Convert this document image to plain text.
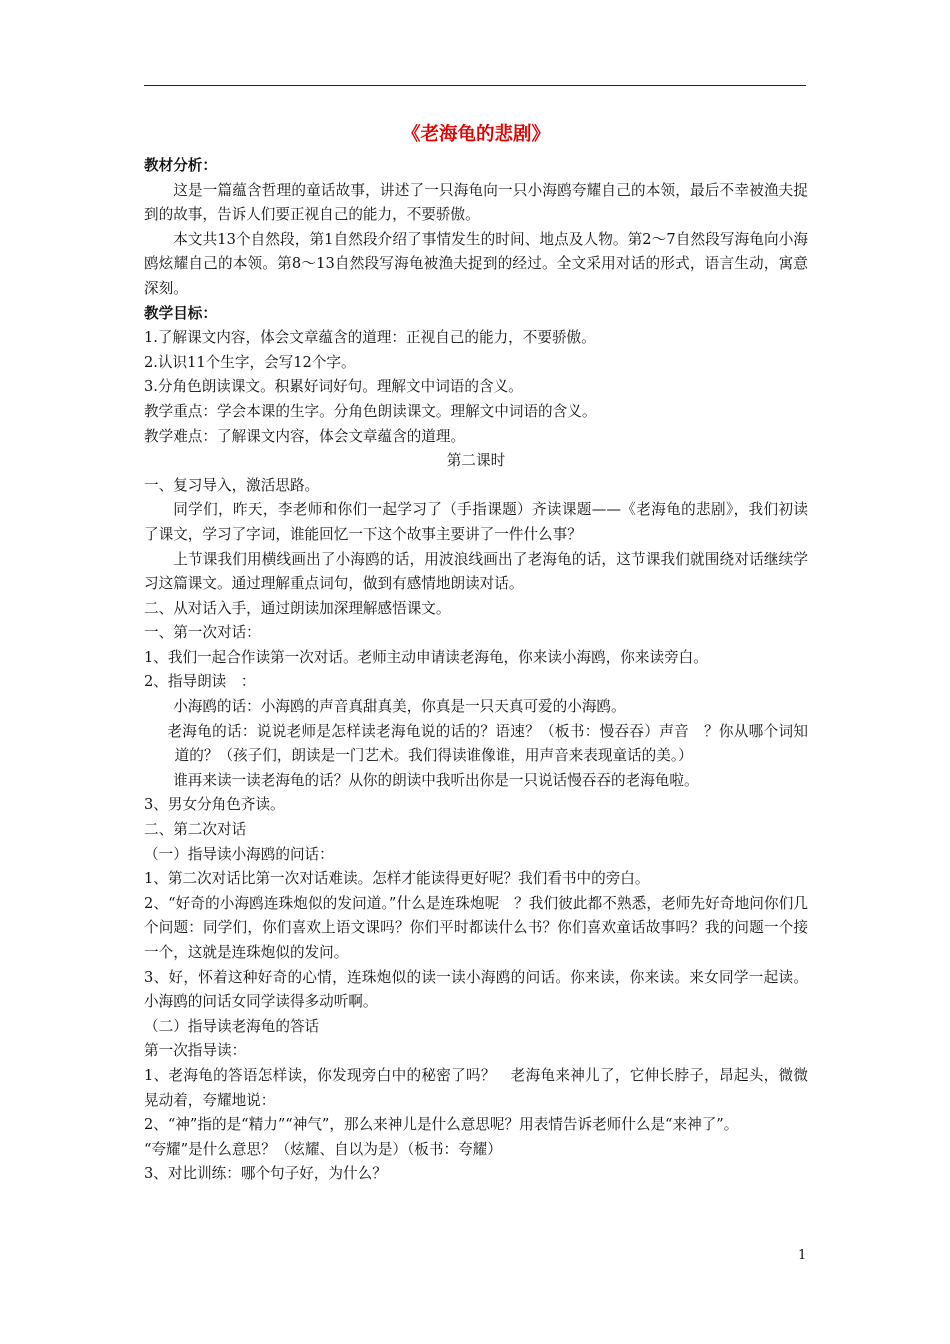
《老海龟的悲剧》
教材分析：
这是一篇蕴含哲理的童话故事，讲述了一只海龟向一只小海鸥夸耀自己的本领，最后不幸被渔夫捉到的故事，告诉人们要正视自己的能力，不要骄傲。
本文共13个自然段，第1自然段介绍了事情发生的时间、地点及人物。第2～7自然段写海龟向小海鸥炫耀自己的本领。第8～13自然段写海龟被渔夫捉到的经过。全文采用对话的形式，语言生动，寓意深刻。
教学目标：
1.了解课文内容，体会文章蕴含的道理：正视自己的能力，不要骄傲。
2.认识11个生字，会写12个字。
3.分角色朗读课文。积累好词好句。理解文中词语的含义。
教学重点：学会本课的生字。分角色朗读课文。理解文中词语的含义。
教学难点：了解课文内容，体会文章蕴含的道理。
第二课时
一、复习导入，激活思路。
同学们，昨天，李老师和你们一起学习了（手指课题）齐读课题——《老海龟的悲剧》，我们初读了课文，学习了字词，谁能回忆一下这个故事主要讲了一件什么事？
上节课我们用横线画出了小海鸥的话，用波浪线画出了老海龟的话，这节课我们就围绕对话继续学习这篇课文。通过理解重点词句，做到有感情地朗读对话。
二、从对话入手，通过朗读加深理解感悟课文。
一、第一次对话：
1、我们一起合作读第一次对话。老师主动申请读老海龟，你来读小海鸥，你来读旁白。
2、指导朗读　：
小海鸥的话：小海鸥的声音真甜真美，你真是一只天真可爱的小海鸥。
老海龟的话：说说老师是怎样读老海龟说的话的？语速？（板书：慢吞吞）声音　？你从哪个词知道的？（孩子们，朗读是一门艺术。我们得读谁像谁，用声音来表现童话的美。）
谁再来读一读老海龟的话？从你的朗读中我听出你是一只说话慢吞吞的老海龟啦。
3、男女分角色齐读。
二、第二次对话
（一）指导读小海鸥的问话：
1、第二次对话比第一次对话难读。怎样才能读得更好呢？我们看书中的旁白。
2、“好奇的小海鸥连珠炮似的发问道。”什么是连珠炮呢　？我们彼此都不熟悉，老师先好奇地问你们几个问题：同学们，你们喜欢上语文课吗？你们平时都读什么书？你们喜欢童话故事吗？我的问题一个接一个，这就是连珠炮似的发问。
3、好，怀着这种好奇的心情，连珠炮似的读一读小海鸥的问话。你来读，你来读。来女同学一起读。小海鸥的问话女同学读得多动听啊。
（二）指导读老海龟的答话
第一次指导读：
1、老海龟的答语怎样读，你发现旁白中的秘密了吗？　老海龟来神儿了，它伸长脖子，昂起头，微微晃动着，夸耀地说：
2、“神”指的是“精力”“神气”，那么来神儿是什么意思呢？用表情告诉老师什么是“来神了”。
“夸耀”是什么意思？（炫耀、自以为是）（板书：夸耀）
3、对比训练：哪个句子好，为什么？
1
